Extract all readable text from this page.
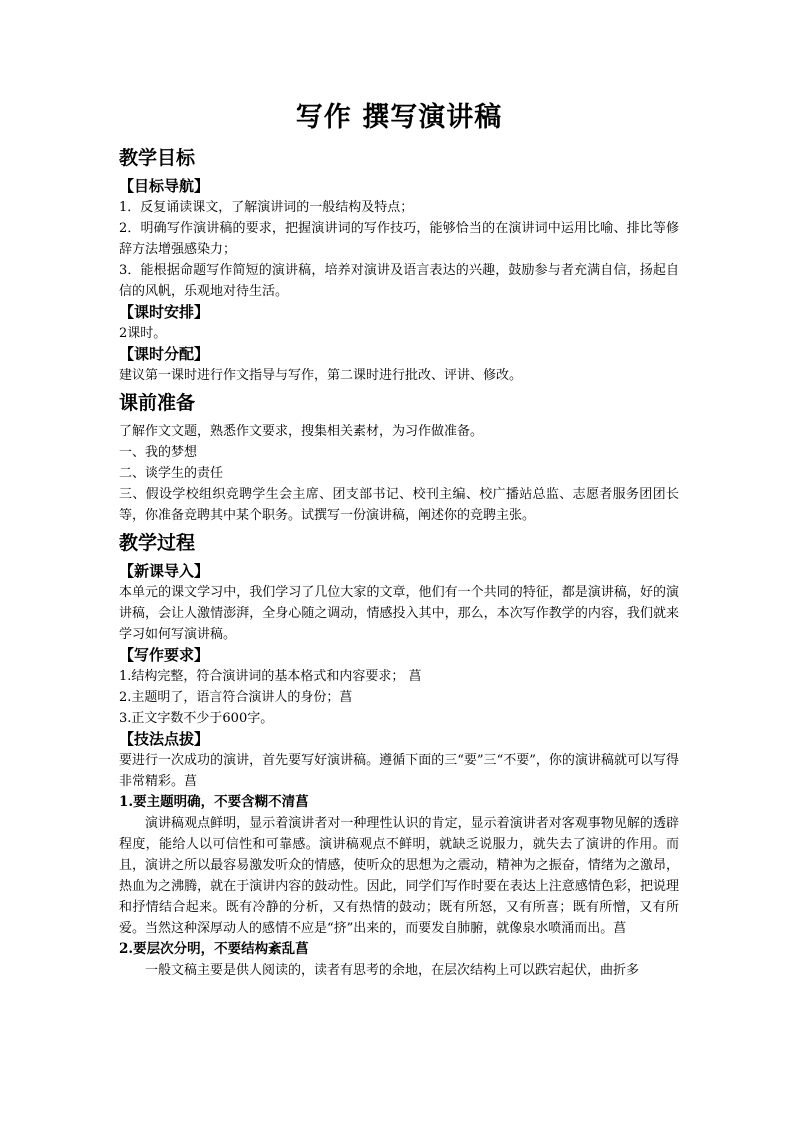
写作 撰写演讲稿
教学目标
【目标导航】

1．反复诵读课文，了解演讲词的一般结构及特点；

2．明确写作演讲稿的要求，把握演讲词的写作技巧，能够恰当的在演讲词中运用比喻、排比等修辞方法增强感染力；

3．能根据命题写作简短的演讲稿，培养对演讲及语言表达的兴趣，鼓励参与者充满自信，扬起自信的风帆，乐观地对待生活。

【课时安排】

2课时。

【课时分配】

建议第一课时进行作文指导与写作，第二课时进行批改、评讲、修改。

课前准备

了解作文文题，熟悉作文要求，搜集相关素材，为习作做准备。

一、我的梦想

二、谈学生的责任

三、假设学校组织竞聘学生会主席、团支部书记、校刊主编、校广播站总监、志愿者服务团团长等，你准备竞聘其中某个职务。试撰写一份演讲稿，阐述你的竞聘主张。

教学过程
【新课导入】

本单元的课文学习中，我们学习了几位大家的文章，他们有一个共同的特征，都是演讲稿，好的演讲稿，会让人激情澎湃，全身心随之调动，情感投入其中，那么，本次写作教学的内容，我们就来学习如何写演讲稿。

【写作要求】

1.结构完整，符合演讲词的基本格式和内容要求； 菖

2.主题明了，语言符合演讲人的身份；菖

3.正文字数不少于600字。

【技法点拔】

要进行一次成功的演讲，首先要写好演讲稿。遵循下面的三“要”三“不要”，你的演讲稿就可以写得非常精彩。菖

1.要主题明确，不要含糊不清菖

演讲稿观点鲜明，显示着演讲者对一种理性认识的肯定，显示着演讲者对客观事物见解的透辟程度，能给人以可信性和可靠感。演讲稿观点不鲜明，就缺乏说服力，就失去了演讲的作用。而且，演讲之所以最容易激发听众的情感，使听众的思想为之震动，精神为之振奋，情绪为之激昂，热血为之沸腾，就在于演讲内容的鼓动性。因此，同学们写作时要在表达上注意感情色彩，把说理和抒情结合起来。既有冷静的分析，又有热情的鼓动；既有所怒，又有所喜；既有所憎，又有所爱。当然这种深厚动人的感情不应是“挤”出来的，而要发自肺腑，就像泉水喷涌而出。菖

2.要层次分明，不要结构紊乱菖

一般文稿主要是供人阅读的，读者有思考的余地，在层次结构上可以跌宕起伏，曲折多
